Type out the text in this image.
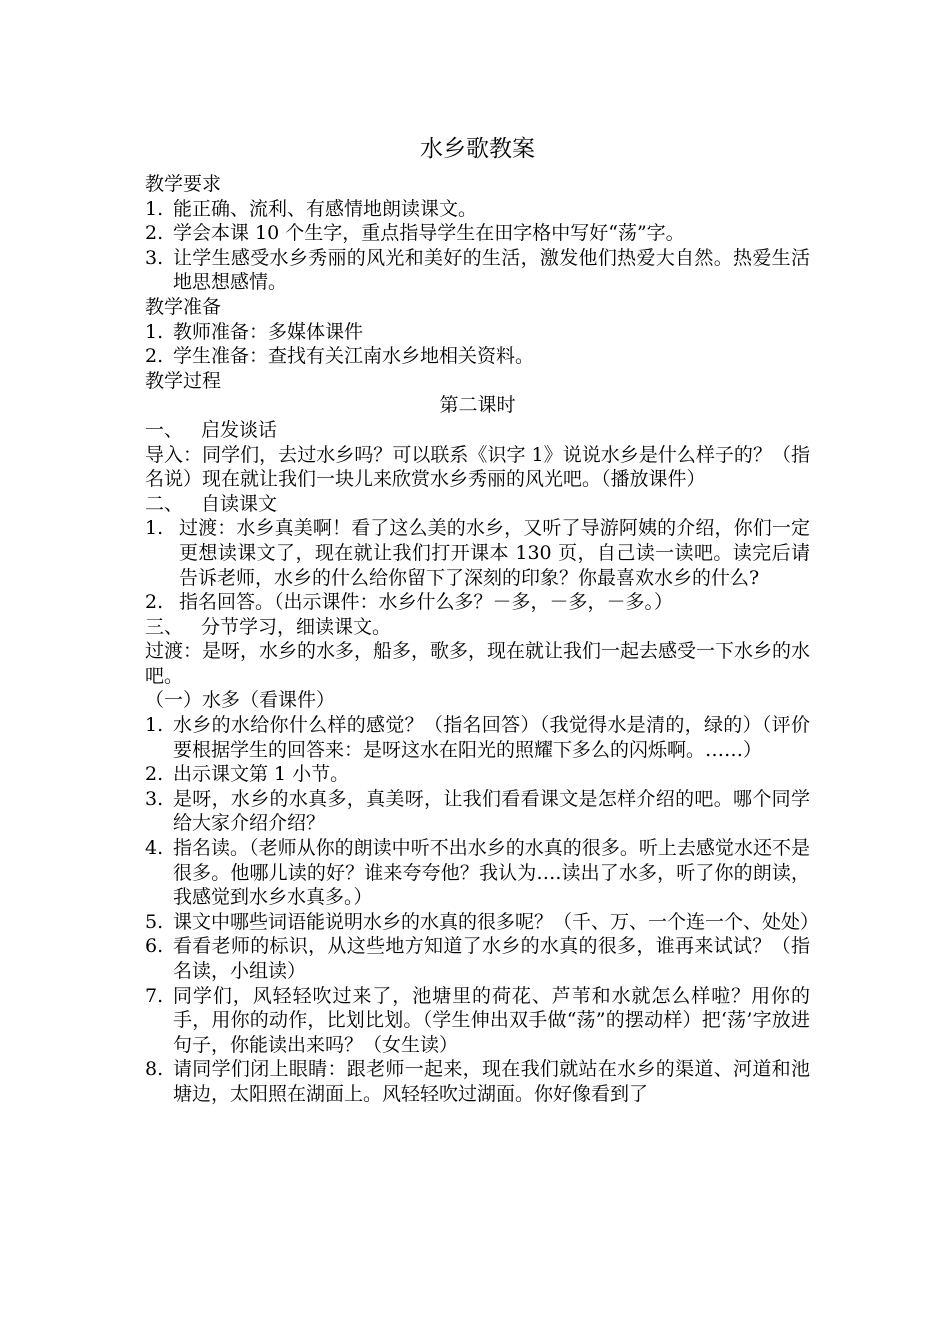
水乡歌教案
教学要求
1. 能正确、流利、有感情地朗读课文。
2. 学会本课 10 个生字，重点指导学生在田字格中写好“荡”字。
3. 让学生感受水乡秀丽的风光和美好的生活，激发他们热爱大自然。热爱生活地思想感情。
教学准备
1. 教师准备：多媒体课件
2. 学生准备：查找有关江南水乡地相关资料。
教学过程
第二课时
一、 启发谈话
导入：同学们，去过水乡吗？可以联系《识字 1》说说水乡是什么样子的？（指名说）现在就让我们一块儿来欣赏水乡秀丽的风光吧。（播放课件）
二、 自读课文
1. 过渡：水乡真美啊！看了这么美的水乡，又听了导游阿姨的介绍，你们一定更想读课文了，现在就让我们打开课本 130 页，自己读一读吧。读完后请告诉老师，水乡的什么给你留下了深刻的印象？你最喜欢水乡的什么?
2. 指名回答。（出示课件：水乡什么多？－多，－多，－多。）
三、 分节学习，细读课文。
过渡：是呀，水乡的水多，船多，歌多，现在就让我们一起去感受一下水乡的水吧。
（一）水多（看课件）
1. 水乡的水给你什么样的感觉？（指名回答）（我觉得水是清的，绿的）（评价要根据学生的回答来：是呀这水在阳光的照耀下多么的闪烁啊。……）
2. 出示课文第 1 小节。
3. 是呀，水乡的水真多，真美呀，让我们看看课文是怎样介绍的吧。哪个同学给大家介绍介绍？
4. 指名读。（老师从你的朗读中听不出水乡的水真的很多。听上去感觉水还不是很多。他哪儿读的好？谁来夸夸他？我认为….读出了水多，听了你的朗读，我感觉到水乡水真多。）
5. 课文中哪些词语能说明水乡的水真的很多呢？（千、万、一个连一个、处处）
6. 看看老师的标识，从这些地方知道了水乡的水真的很多，谁再来试试？（指名读，小组读）
7. 同学们，风轻轻吹过来了，池塘里的荷花、芦苇和水就怎么样啦？用你的手，用你的动作，比划比划。（学生伸出双手做“荡”的摆动样）把‘荡’字放进句子，你能读出来吗？（女生读）
8. 请同学们闭上眼睛：跟老师一起来，现在我们就站在水乡的渠道、河道和池塘边，太阳照在湖面上。风轻轻吹过湖面。你好像看到了
